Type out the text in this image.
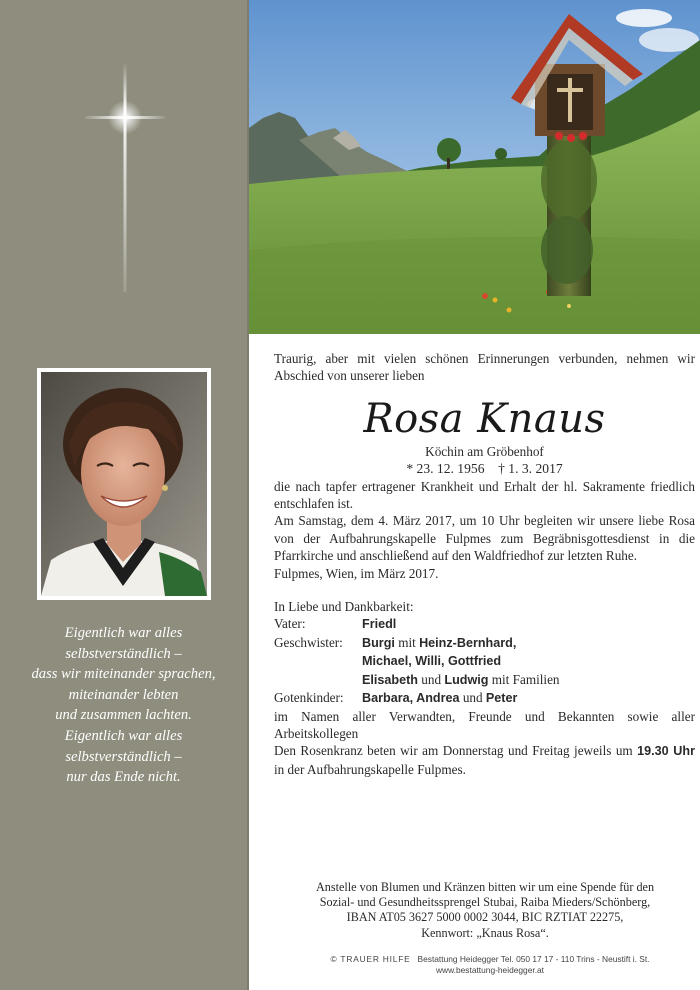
Eigentlich war alles
selbstverständlich –
dass wir miteinander sprachen,
miteinander lebten
und zusammen lachten.
Eigentlich war alles
selbstverständlich –
nur das Ende nicht.

Traurig, aber mit vielen schönen Erinnerungen verbunden, nehmen wir Abschied von unserer lieben

Rosa Knaus

Köchin am Gröbenhof

* 23. 12. 1956 † 1. 3. 2017

die nach tapfer ertragener Krankheit und Erhalt der hl. Sakramente friedlich entschlafen ist.

Am Samstag, dem 4. März 2017, um 10 Uhr begleiten wir unsere liebe Rosa von der Aufbahrungskapelle Fulpmes zum Begräbnisgottesdienst in die Pfarrkirche und anschließend auf den Waldfriedhof zur letzten Ruhe.

Fulpmes, Wien, im März 2017.

In Liebe und Dankbarkeit:

Vater:	Friedl
Geschwister:	Burgi mit Heinz-Bernhard,
Michael, Willi, Gottfried
Elisabeth und Ludwig mit Familien
Gotenkinder:	Barbara, Andrea und Peter

im Namen aller Verwandten, Freunde und Bekannten sowie aller Arbeitskollegen

Den Rosenkranz beten wir am Donnerstag und Freitag jeweils um 19.30 Uhr in der Aufbahrungskapelle Fulpmes.

Anstelle von Blumen und Kränzen bitten wir um eine Spende für den
Sozial- und Gesundheitssprengel Stubai, Raiba Mieders/Schönberg,
IBAN AT05 3627 5000 0002 3044, BIC RZTIAT 22275,
Kennwort: „Knaus Rosa“.
© TRAUER HILFE Bestattung Heidegger Tel. 050 17 17 - 110 Trins - Neustift i. St.
www.bestattung-heidegger.at
